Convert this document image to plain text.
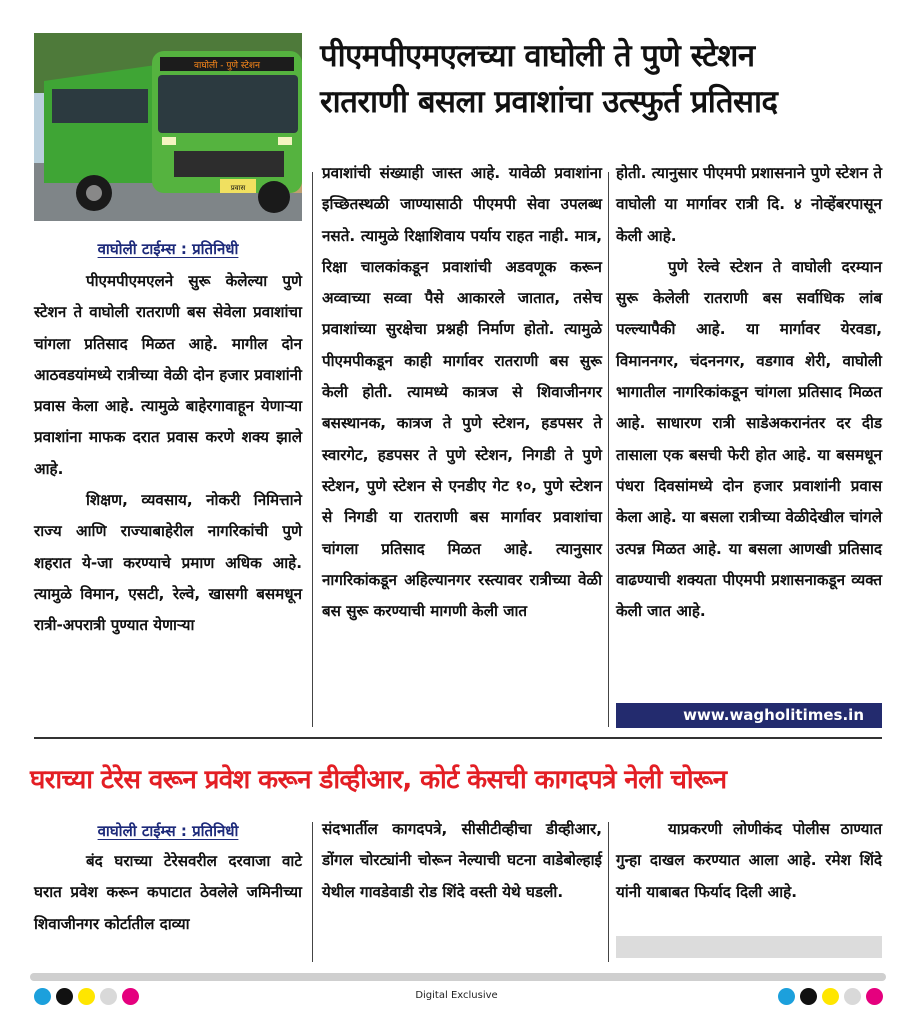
वाघोली - पुणे स्टेशन
प्रवास
पीएमपीएमएलच्या वाघोली ते पुणे स्टेशन
रातराणी बसला प्रवाशांचा उत्स्फुर्त प्रतिसाद
वाघोली टाईम्स : प्रतिनिधी

पीएमपीएमएलने सुरू केलेल्या पुणे स्टेशन ते वाघोली रातराणी बस सेवेला प्रवाशांचा चांगला प्रतिसाद मिळत आहे. मागील दोन आठवडयांमध्ये रात्रीच्या वेळी दोन हजार प्रवाशांनी प्रवास केला आहे. त्यामुळे बाहेरगावाहून येणाऱ्या प्रवाशांना माफक दरात प्रवास करणे शक्य झाले आहे.

शिक्षण, व्यवसाय, नोकरी निमित्ताने राज्य आणि राज्याबाहेरील नागरिकांची पुणे शहरात ये-जा करण्याचे प्रमाण अधिक आहे. त्यामुळे विमान, एसटी, रेल्वे, खासगी बसमधून रात्री-अपरात्री पुण्यात येणाऱ्या

प्रवाशांची संख्याही जास्त आहे. यावेळी प्रवाशांना इच्छितस्थळी जाण्यासाठी पीएमपी सेवा उपलब्ध नसते. त्यामुळे रिक्षाशिवाय पर्याय राहत नाही. मात्र, रिक्षा चालकांकडून प्रवाशांची अडवणूक करून अव्वाच्या सव्वा पैसे आकारले जातात, तसेच प्रवाशांच्या सुरक्षेचा प्रश्नही निर्माण होतो. त्यामुळे पीएमपीकडून काही मार्गावर रातराणी बस सुरू केली होती. त्यामध्ये कात्रज से शिवाजीनगर बसस्थानक, कात्रज ते पुणे स्टेशन, हडपसर ते स्वारगेट, हडपसर ते पुणे स्टेशन, निगडी ते पुणे स्टेशन, पुणे स्टेशन से एनडीए गेट १०, पुणे स्टेशन से निगडी या रातराणी बस मार्गावर प्रवाशांचा चांगला प्रतिसाद मिळत आहे. त्यानुसार नागरिकांकडून अहिल्यानगर रस्त्यावर रात्रीच्या वेळी बस सुरू करण्याची मागणी केली जात

होती. त्यानुसार पीएमपी प्रशासनाने पुणे स्टेशन ते वाघोली या मार्गावर रात्री दि. ४ नोव्हेंबरपासून केली आहे.

पुणे रेल्वे स्टेशन ते वाघोली दरम्यान सुरू केलेली रातराणी बस सर्वाधिक लांब पल्ल्यापैकी आहे. या मार्गावर येरवडा, विमाननगर, चंदननगर, वडगाव शेरी, वाघोली भागातील नागरिकांकडून चांगला प्रतिसाद मिळत आहे. साधारण रात्री साडेअकरानंतर दर दीड तासाला एक बसची फेरी होत आहे. या बसमधून पंधरा दिवसांमध्ये दोन हजार प्रवाशांनी प्रवास केला आहे. या बसला रात्रीच्या वेळीदेखील चांगले उत्पन्न मिळत आहे. या बसला आणखी प्रतिसाद वाढण्याची शक्यता पीएमपी प्रशासनाकडून व्यक्त केली जात आहे.

www.wagholitimes.in
घराच्या टेरेस वरून प्रवेश करून डीव्हीआर, कोर्ट केसची कागदपत्रे नेली चोरून
वाघोली टाईम्स : प्रतिनिधी

बंद घराच्या टेरेसवरील दरवाजा वाटे घरात प्रवेश करून कपाटात ठेवलेले जमिनीच्या शिवाजीनगर कोर्टातील दाव्या

संदभार्तील कागदपत्रे, सीसीटीव्हीचा डीव्हीआर, डोंगल चोरट्यांनी चोरून नेल्याची घटना वाडेबोल्हाई येथील गावडेवाडी रोड शिंदे वस्ती येथे घडली.

याप्रकरणी लोणीकंद पोलीस ठाण्यात गुन्हा दाखल करण्यात आला आहे. रमेश शिंदे यांनी याबाबत फिर्याद दिली आहे.

Digital Exclusive
